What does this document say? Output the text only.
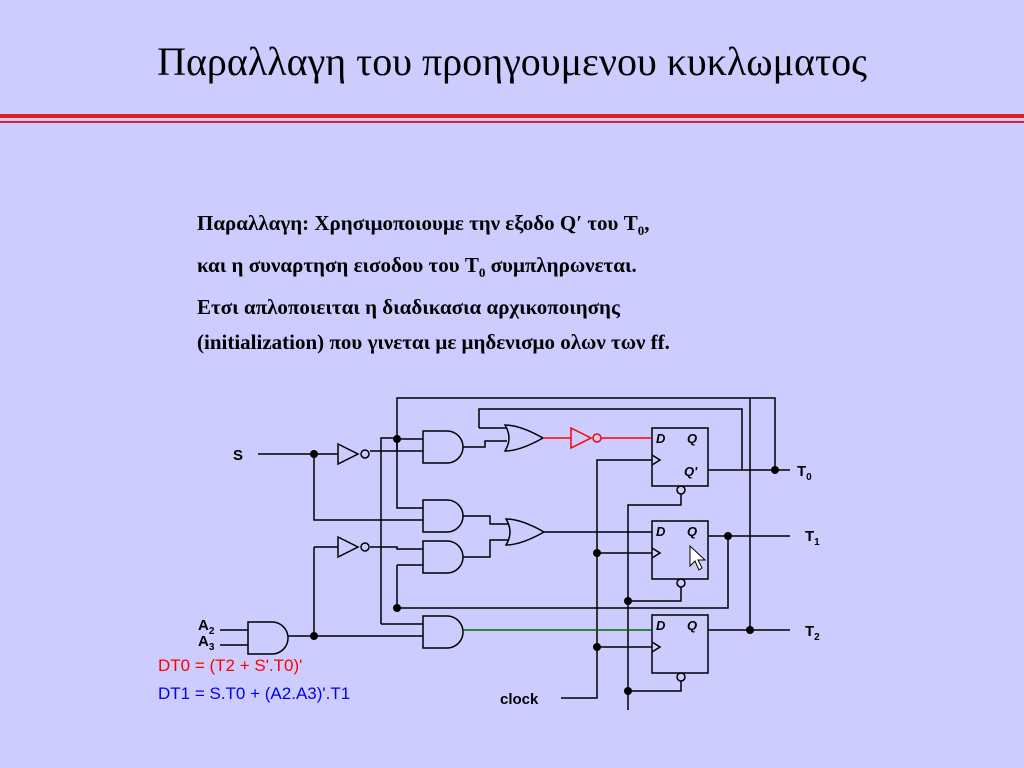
Παραλλαγη του προηγουμενου κυκλωματος
Παραλλαγη: Χρησιμοποιουμε την εξοδο Q′ του $T_0$,
και η συναρτηση εισοδου του $T_0$ συμπληρωνεται.
Ετσι απλοποιειται η διαδικασια αρχικοποιησης
(initialization) που γινεται με μηδενισμο ολων των ff.
S
clock
$T_0$
$T_1$
$T_2$
$A_2$
$A_3$
D Q
Q'
D Q
D Q
DT0 = (T2 + S'.T0)'
DT1 = S.T0 + (A2.A3)'.T1
